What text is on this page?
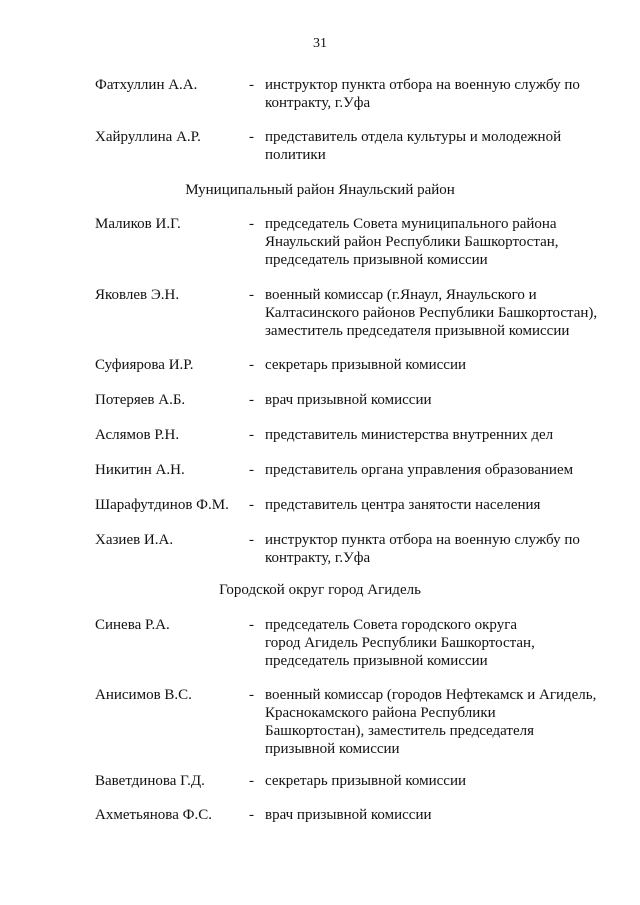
31
Фатхуллин А.А.	- инструктор пункта отбора на военную службу по
контракту, г.Уфа
Хайруллина А.Р.	- представитель отдела культуры и молодежной
политики
Муниципальный район Янаульский район
Маликов И.Г.	- председатель Совета муниципального района
Янаульский район Республики Башкортостан,
председатель призывной комиссии
Яковлев Э.Н.	- военный комиссар (г.Янаул, Янаульского и
Калтасинского районов Республики Башкортостан),
заместитель председателя призывной комиссии
Суфиярова И.Р.	- секретарь призывной комиссии
Потеряев А.Б.	- врач призывной комиссии
Аслямов Р.Н.	- представитель министерства внутренних дел
Никитин А.Н.	- представитель органа управления образованием
Шарафутдинов Ф.М. - представитель центра занятости населения
Хазиев И.А.	- инструктор пункта отбора на военную службу по
контракту, г.Уфа
Городской округ город Агидель
Синева Р.А.	- председатель Совета городского округа
город Агидель Республики Башкортостан,
председатель призывной комиссии
Анисимов В.С.	- военный комиссар (городов Нефтекамск и Агидель,
Краснокамского района Республики
Башкортостан), заместитель председателя
призывной комиссии
Ваветдинова Г.Д.	- секретарь призывной комиссии
Ахметьянова Ф.С. - врач призывной комиссии
